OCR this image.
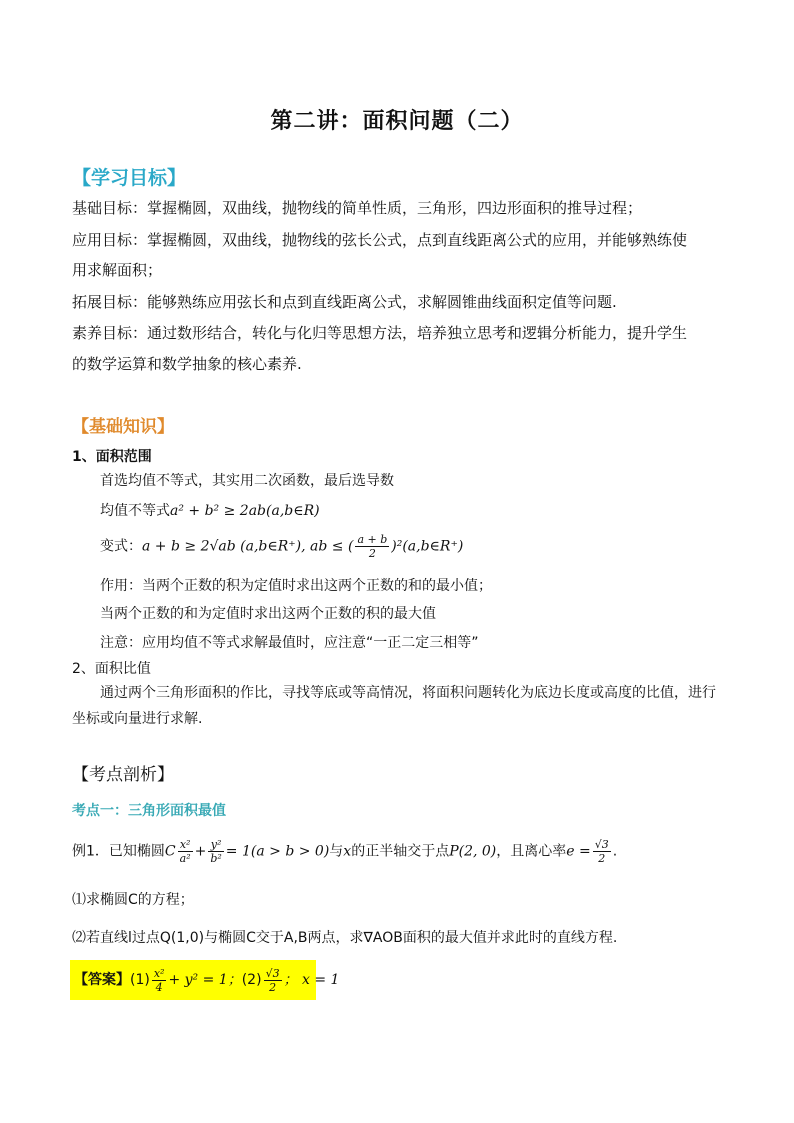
第二讲：面积问题（二）
【学习目标】
基础目标：掌握椭圆，双曲线，抛物线的简单性质，三角形，四边形面积的推导过程；
应用目标：掌握椭圆，双曲线，抛物线的弦长公式，点到直线距离公式的应用，并能够熟练使
用求解面积；
拓展目标：能够熟练应用弦长和点到直线距离公式，求解圆锥曲线面积定值等问题.
素养目标：通过数形结合，转化与化归等思想方法，培养独立思考和逻辑分析能力，提升学生
的数学运算和数学抽象的核心素养.
【基础知识】
1、面积范围
首选均值不等式，其实用二次函数，最后选导数
均值不等式a² + b² ≥ 2ab(a,b∈R)
变式：a + b ≥ 2√ab (a,b∈R⁺), ab ≤ ( $\frac{a + b}{2}$ )²(a,b∈R⁺)
作用：当两个正数的积为定值时求出这两个正数的和的最小值；
当两个正数的和为定值时求出这两个正数的积的最大值
注意：应用均值不等式求解最值时，应注意“一正二定三相等”
2、面积比值
通过两个三角形面积的作比，寻找等底或等高情况，将面积问题转化为底边长度或高度的比值，进行
坐标或向量进行求解.
【考点剖析】
考点一：三角形面积最值
例1．已知椭圆C $\frac{\text{x²}}{\text{a²}} + \frac{\text{y²}}{\text{b²}} = 1(a > b > 0)$与x的正半轴交于点P(2, 0)，且离心率$e = \frac{√3}{2}$ .
⑴求椭圆C的方程；
⑵若直线l过点Q(1,0)与椭圆C交于A,B两点，求∇AOB面积的最大值并求此时的直线方程.
【答案】$(1) \frac{\text{x²}}{4} + y^2 = 1$；$(2) \frac{√3}{2}$ ； x = 1
